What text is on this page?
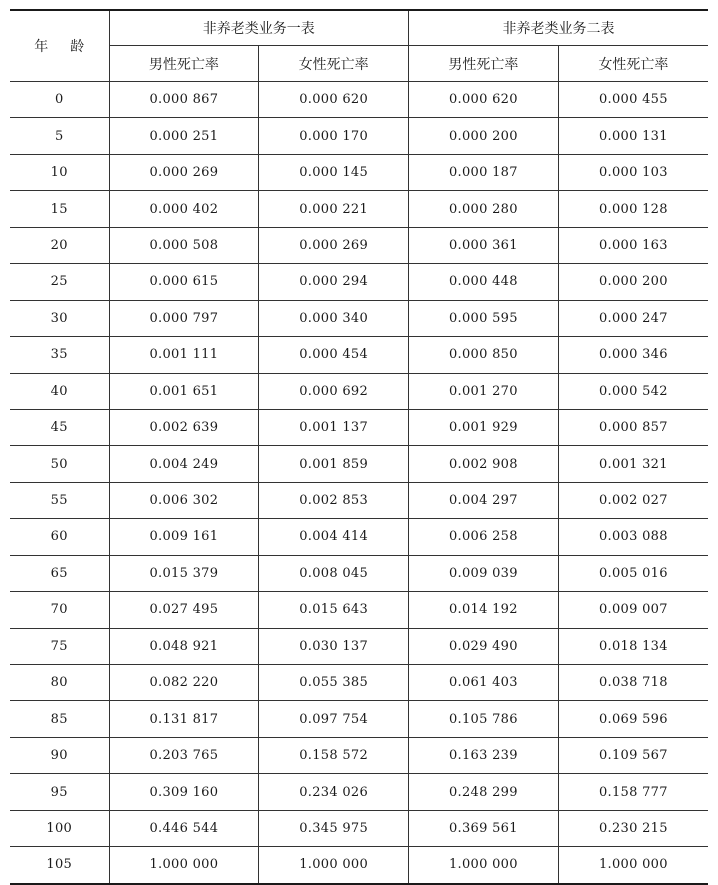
年 龄	非养老类业务一表		非养老类业务二表	
	男性死亡率	女性死亡率	男性死亡率	女性死亡率
0	0.000 867	0.000 620	0.000 620	0.000 455
5	0.000 251	0.000 170	0.000 200	0.000 131
10	0.000 269	0.000 145	0.000 187	0.000 103
15	0.000 402	0.000 221	0.000 280	0.000 128
20	0.000 508	0.000 269	0.000 361	0.000 163
25	0.000 615	0.000 294	0.000 448	0.000 200
30	0.000 797	0.000 340	0.000 595	0.000 247
35	0.001 111	0.000 454	0.000 850	0.000 346
40	0.001 651	0.000 692	0.001 270	0.000 542
45	0.002 639	0.001 137	0.001 929	0.000 857
50	0.004 249	0.001 859	0.002 908	0.001 321
55	0.006 302	0.002 853	0.004 297	0.002 027
60	0.009 161	0.004 414	0.006 258	0.003 088
65	0.015 379	0.008 045	0.009 039	0.005 016
70	0.027 495	0.015 643	0.014 192	0.009 007
75	0.048 921	0.030 137	0.029 490	0.018 134
80	0.082 220	0.055 385	0.061 403	0.038 718
85	0.131 817	0.097 754	0.105 786	0.069 596
90	0.203 765	0.158 572	0.163 239	0.109 567
95	0.309 160	0.234 026	0.248 299	0.158 777
100	0.446 544	0.345 975	0.369 561	0.230 215
105	1.000 000	1.000 000	1.000 000	1.000 000
